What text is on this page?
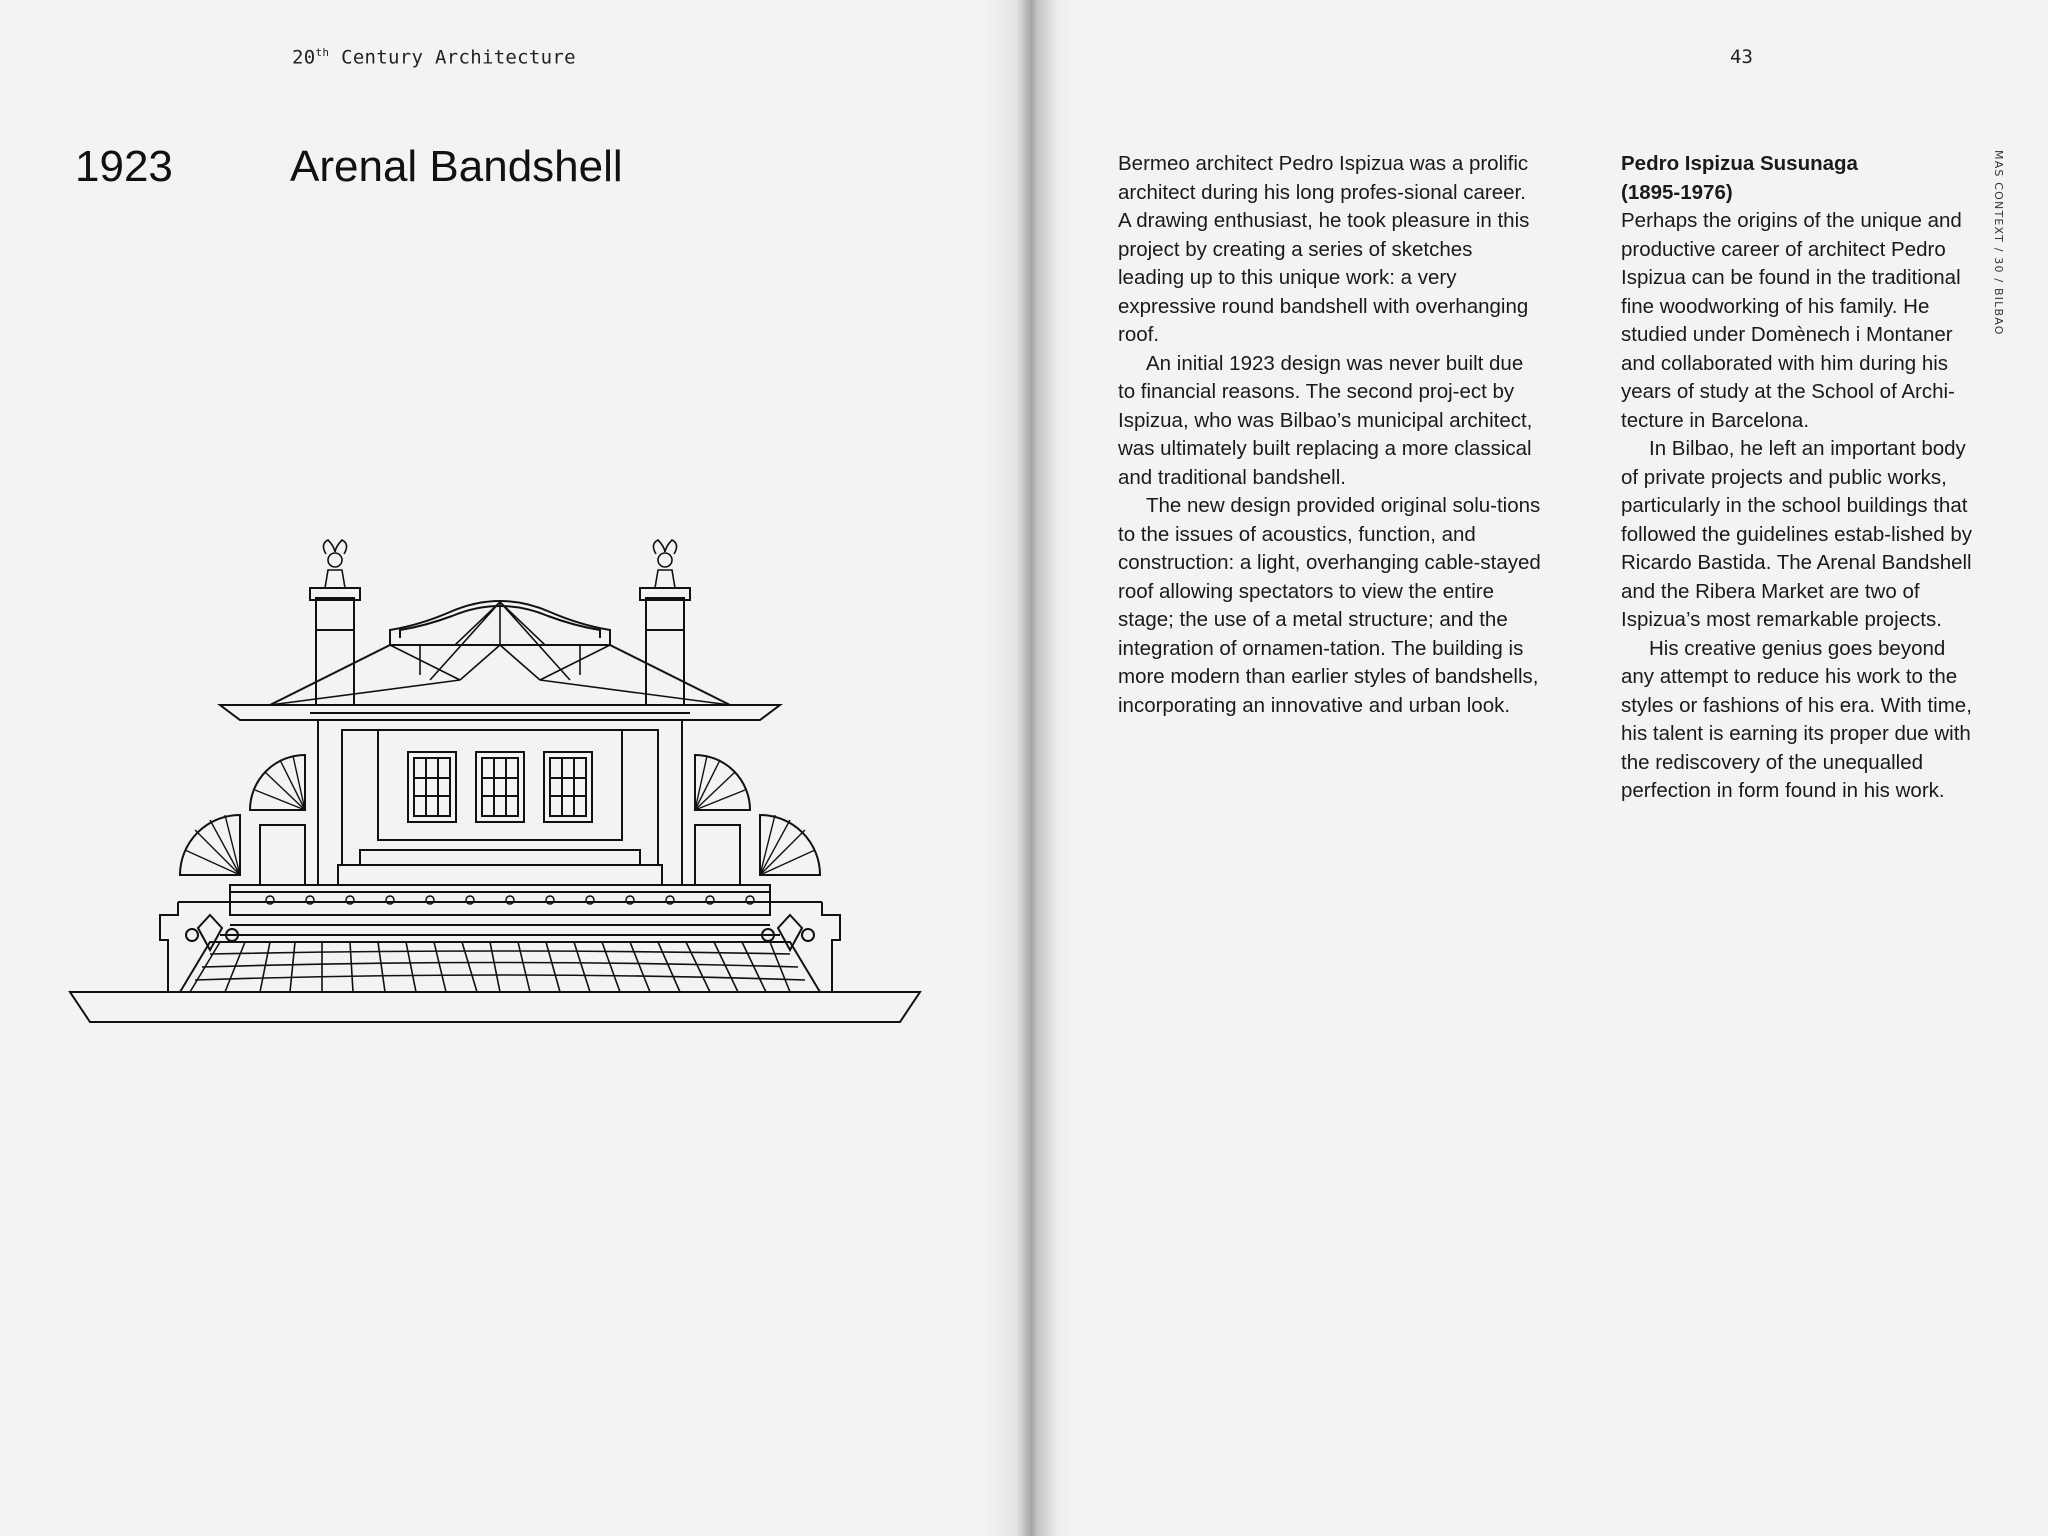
20th Century Architecture
1923	Arenal Bandshell
43

Bermeo architect Pedro Ispizua was a prolific architect during his long profes-sional career. A drawing enthusiast, he took pleasure in this project by creating a series of sketches leading up to this unique work: a very expressive round bandshell with overhanging roof.

An initial 1923 design was never built due to financial reasons. The second proj-ect by Ispizua, who was Bilbao’s municipal architect, was ultimately built replacing a more classical and traditional bandshell.

The new design provided original solu-tions to the issues of acoustics, function, and construction: a light, overhanging cable-stayed roof allowing spectators to view the entire stage; the use of a metal structure; and the integration of ornamen-tation. The building is more modern than earlier styles of bandshells, incorporating an innovative and urban look.

Pedro Ispizua Susunaga
(1895-1976)

Perhaps the origins of the unique and productive career of architect Pedro Ispizua can be found in the traditional fine woodworking of his family. He studied under Domènech i Montaner and collaborated with him during his years of study at the School of Archi-tecture in Barcelona.

In Bilbao, he left an important body of private projects and public works, particularly in the school buildings that followed the guidelines estab-lished by Ricardo Bastida. The Arenal Bandshell and the Ribera Market are two of Ispizua’s most remarkable projects.

His creative genius goes beyond any attempt to reduce his work to the styles or fashions of his era. With time, his talent is earning its proper due with the rediscovery of the unequalled perfection in form found in his work.

MAS CONTEXT / 30 / BILBAO
